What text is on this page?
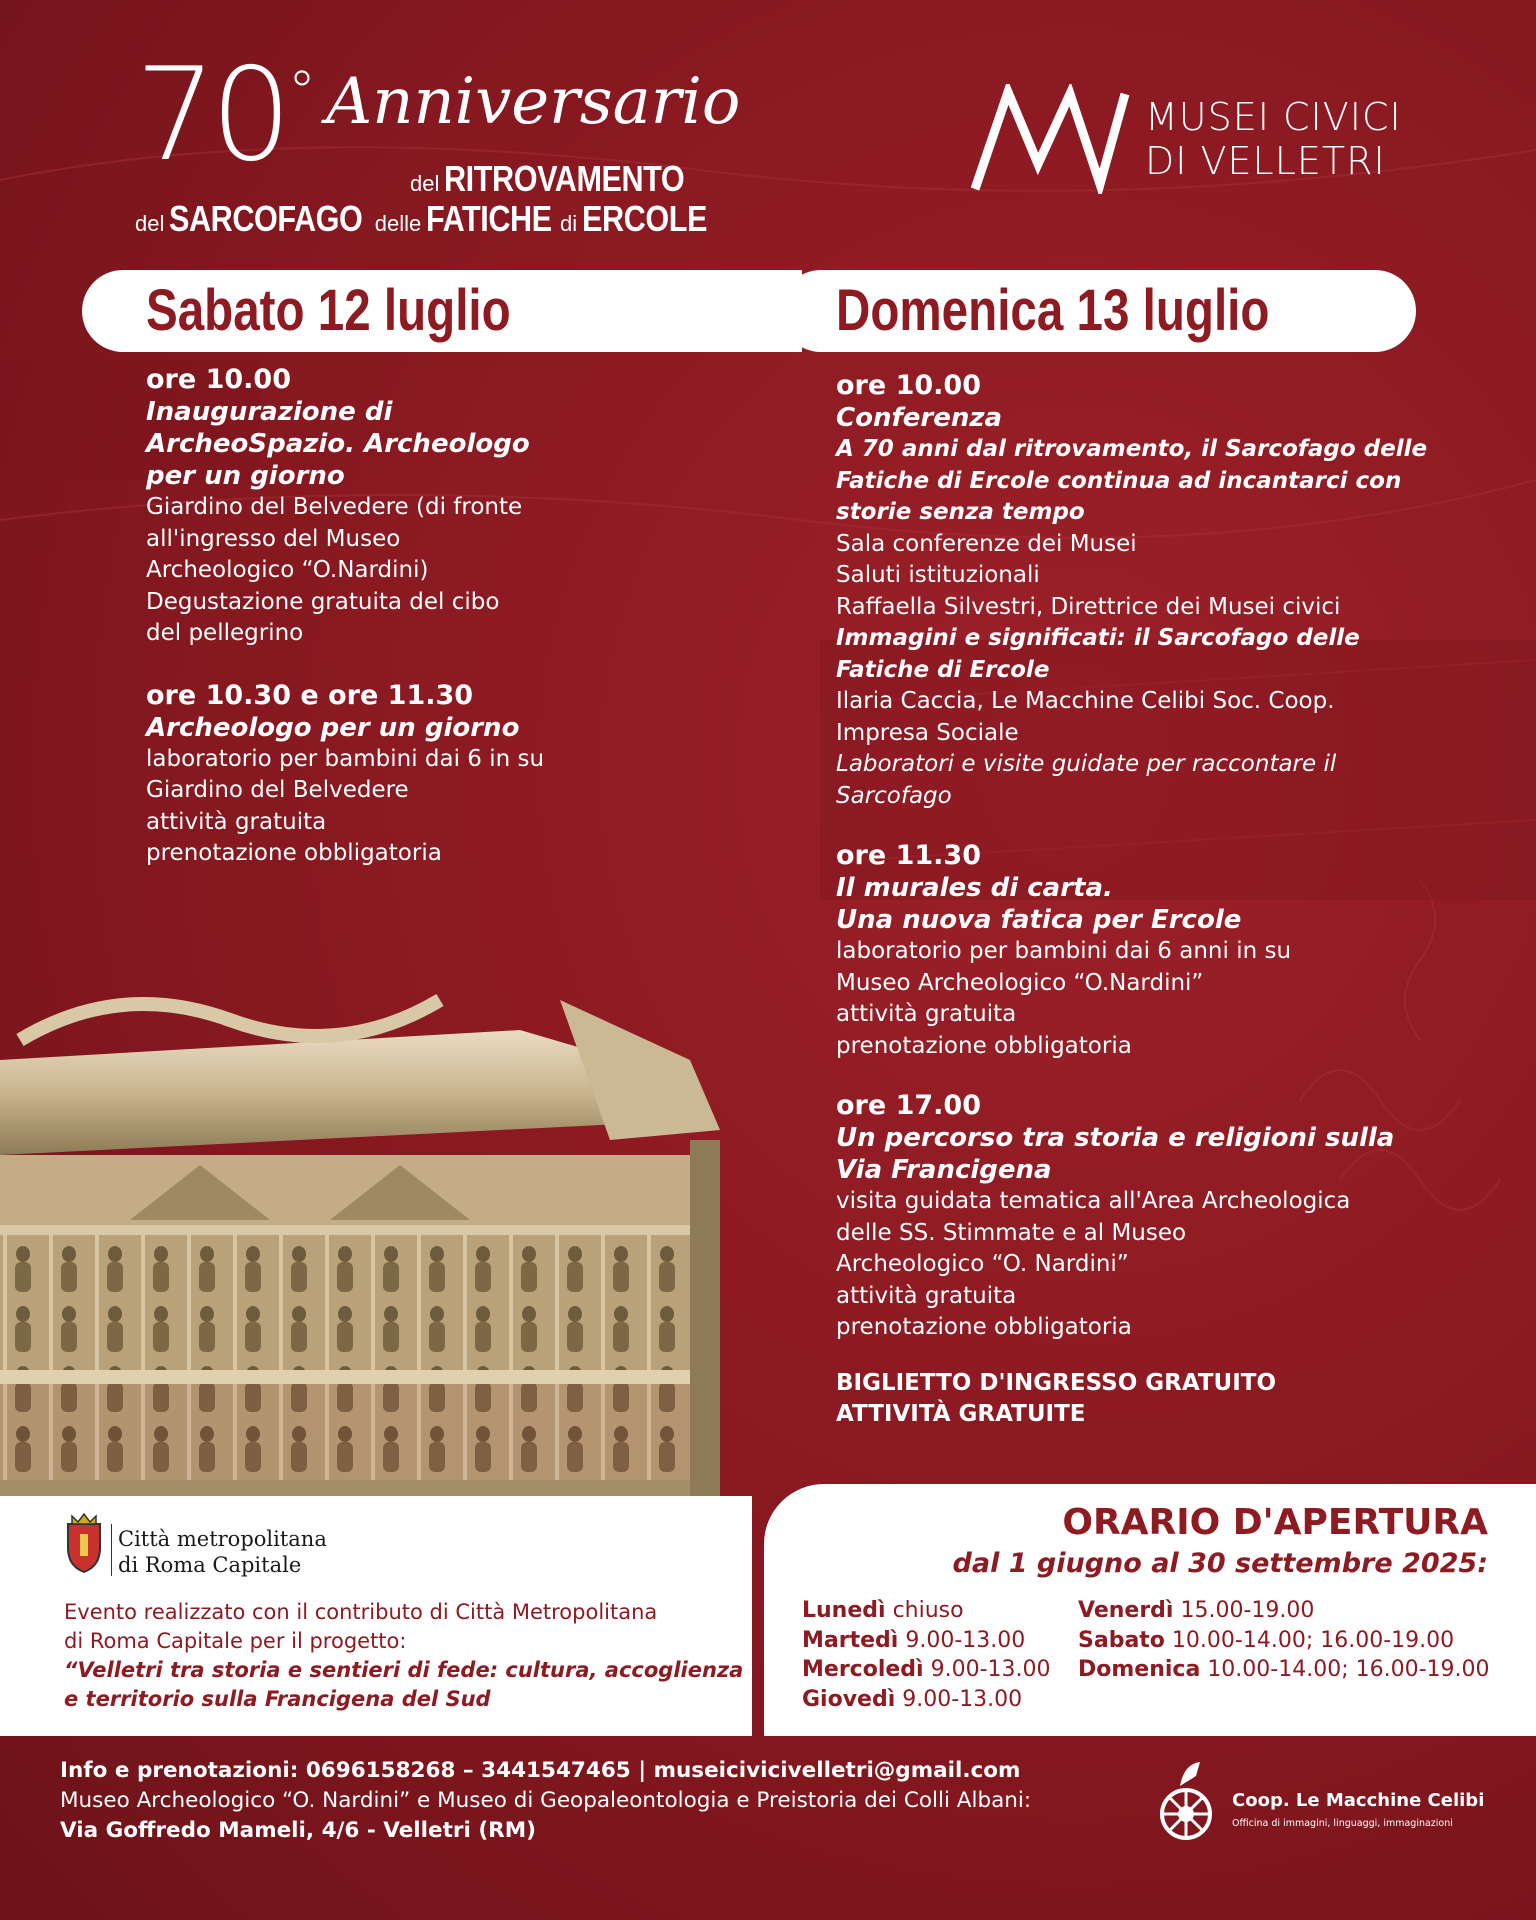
70 ° Anniversario
del RITROVAMENTO
del SARCOFAGO delle FATICHE di ERCOLE
MUSEI CIVICI
DI VELLETRI
Sabato 12 luglio	Domenica 13 luglio

ore 10.00

Inaugurazione di

ArcheoSpazio. Archeologo

per un giorno

Giardino del Belvedere (di fronte

all'ingresso del Museo

Archeologico “O.Nardini)

Degustazione gratuita del cibo

del pellegrino

ore 10.30 e ore 11.30

Archeologo per un giorno

laboratorio per bambini dai 6 in su

Giardino del Belvedere

attività gratuita

prenotazione obbligatoria

ore 10.00

Conferenza

A 70 anni dal ritrovamento, il Sarcofago delle

Fatiche di Ercole continua ad incantarci con

storie senza tempo

Sala conferenze dei Musei

Saluti istituzionali

Raffaella Silvestri, Direttrice dei Musei civici

Immagini e significati: il Sarcofago delle

Fatiche di Ercole

Ilaria Caccia, Le Macchine Celibi Soc. Coop.

Impresa Sociale

Laboratori e visite guidate per raccontare il

Sarcofago

ore 11.30

Il murales di carta.

Una nuova fatica per Ercole

laboratorio per bambini dai 6 anni in su

Museo Archeologico “O.Nardini”

attività gratuita

prenotazione obbligatoria

ore 17.00

Un percorso tra storia e religioni sulla

Via Francigena

visita guidata tematica all'Area Archeologica

delle SS. Stimmate e al Museo

Archeologico “O. Nardini”

attività gratuita

prenotazione obbligatoria

BIGLIETTO D'INGRESSO GRATUITO

ATTIVITÀ GRATUITE

Città metropolitana
di Roma Capitale

Evento realizzato con il contributo di Città Metropolitana

di Roma Capitale per il progetto:

“Velletri tra storia e sentieri di fede: cultura, accoglienza

e territorio sulla Francigena del Sud

ORARIO D'APERTURA
dal 1 giugno al 30 settembre 2025:

Lunedì chiuso

Martedì 9.00-13.00

Mercoledì 9.00-13.00

Giovedì 9.00-13.00

Venerdì 15.00-19.00

Sabato 10.00-14.00; 16.00-19.00

Domenica 10.00-14.00; 16.00-19.00

Info e prenotazioni: 0696158268 – 3441547465 | museicivicivelletri@gmail.com

Museo Archeologico “O. Nardini” e Museo di Geopaleontologia e Preistoria dei Colli Albani:

Via Goffredo Mameli, 4/6 - Velletri (RM)

Coop. Le Macchine Celibi
Officina di immagini, linguaggi, immaginazioni
